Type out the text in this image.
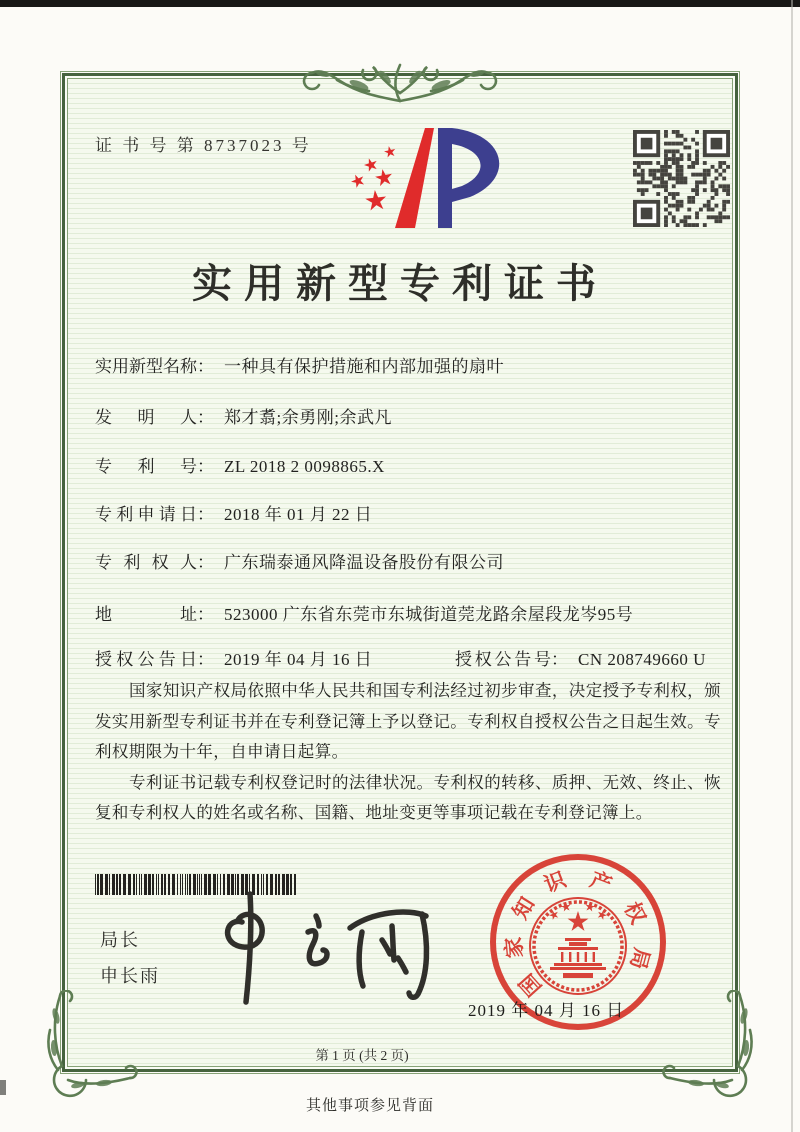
证 书 号 第 8737023 号
实用新型专利证书
实用新型名称： 一种具有保护措施和内部加强的扇叶
发明人： 郑才翥;余勇刚;余武凡
专利号： ZL 2018 2 0098865.X
专利申请日： 2018 年 01 月 22 日
专利权人： 广东瑞泰通风降温设备股份有限公司
地址： 523000 广东省东莞市东城街道莞龙路余屋段龙岑95号
授权公告日： 2019 年 04 月 16 日	授权公告号： CN 208749660 U

国家知识产权局依照中华人民共和国专利法经过初步审查，决定授予专利权，颁发实用新型专利证书并在专利登记簿上予以登记。专利权自授权公告之日起生效。专利权期限为十年，自申请日起算。

专利证书记载专利权登记时的法律状况。专利权的转移、质押、无效、终止、恢复和专利权人的姓名或名称、国籍、地址变更等事项记载在专利登记簿上。

局长
申长雨	国
家
知
识 产
权
局
2019 年 04 月 16 日
第 1 页 (共 2 页)
其他事项参见背面
